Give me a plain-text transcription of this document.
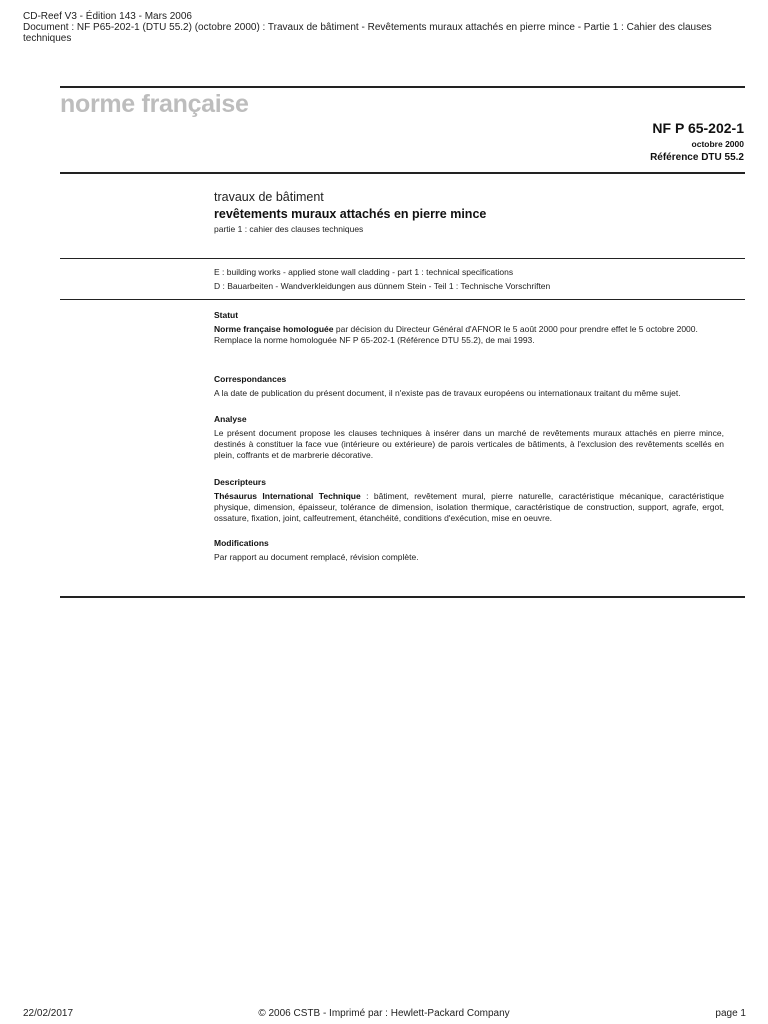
CD-Reef V3 - Édition 143 - Mars 2006
Document : NF P65-202-1 (DTU 55.2) (octobre 2000) : Travaux de bâtiment - Revêtements muraux attachés en pierre mince - Partie 1 : Cahier des clauses
techniques
norme française
NF P 65-202-1
octobre 2000
Référence DTU 55.2
travaux de bâtiment
revêtements muraux attachés en pierre mince
partie 1 : cahier des clauses techniques
E : building works - applied stone wall cladding - part 1 : technical specifications
D : Bauarbeiten - Wandverkleidungen aus dünnem Stein - Teil 1 : Technische Vorschriften
Statut

Norme française homologuée par décision du Directeur Général d'AFNOR le 5 août 2000 pour prendre effet le 5 octobre 2000.

Remplace la norme homologuée NF P 65-202-1 (Référence DTU 55.2), de mai 1993.

Correspondances

A la date de publication du présent document, il n'existe pas de travaux européens ou internationaux traitant du même sujet.

Analyse

Le présent document propose les clauses techniques à insérer dans un marché de revêtements muraux attachés en pierre mince, destinés à constituer la face vue (intérieure ou extérieure) de parois verticales de bâtiments, à l'exclusion des revêtements scellés en plein, coffrants et de marbrerie décorative.

Descripteurs

Thésaurus International Technique : bâtiment, revêtement mural, pierre naturelle, caractéristique mécanique, caractéristique physique, dimension, épaisseur, tolérance de dimension, isolation thermique, caractéristique de construction, support, agrafe, ergot, ossature, fixation, joint, calfeutrement, étanchéité, conditions d'exécution, mise en oeuvre.

Modifications

Par rapport au document remplacé, révision complète.

22/02/2017	© 2006 CSTB - Imprimé par : Hewlett-Packard Company	page 1
